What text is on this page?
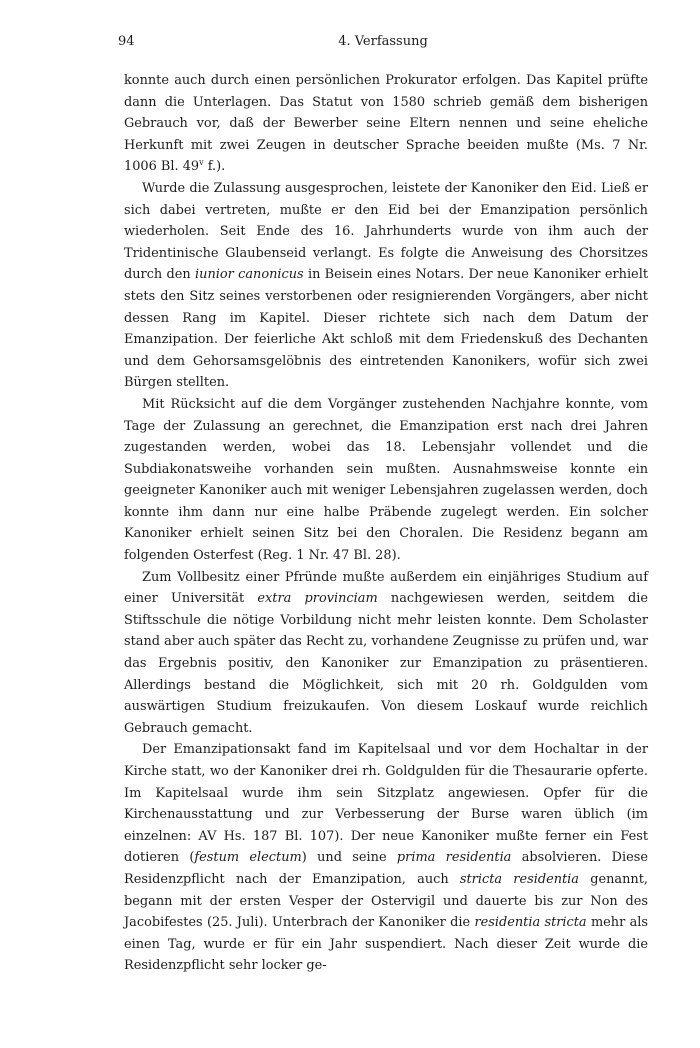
94	4. Verfassung

konnte auch durch einen persönlichen Prokurator erfolgen. Das Kapitel prüfte dann die Unterlagen. Das Statut von 1580 schrieb gemäß dem bisherigen Gebrauch vor, daß der Bewerber seine Eltern nennen und seine eheliche Herkunft mit zwei Zeugen in deutscher Sprache beeiden mußte (Ms. 7 Nr. 1006 Bl. 49$^v$ f.).

Wurde die Zulassung ausgesprochen, leistete der Kanoniker den Eid. Ließ er sich dabei vertreten, mußte er den Eid bei der Emanzipation persönlich wiederholen. Seit Ende des 16. Jahrhunderts wurde von ihm auch der Tridentinische Glaubenseid verlangt. Es folgte die Anweisung des Chorsitzes durch den iunior canonicus in Beisein eines Notars. Der neue Kanoniker erhielt stets den Sitz seines verstorbenen oder resignierenden Vorgängers, aber nicht dessen Rang im Kapitel. Dieser richtete sich nach dem Datum der Emanzipation. Der feierliche Akt schloß mit dem Friedenskuß des Dechanten und dem Gehorsamsgelöbnis des eintretenden Kanonikers, wofür sich zwei Bürgen stellten.

Mit Rücksicht auf die dem Vorgänger zustehenden Nachjahre konnte, vom Tage der Zulassung an gerechnet, die Emanzipation erst nach drei Jahren zugestanden werden, wobei das 18. Lebensjahr vollendet und die Subdiakonatsweihe vorhanden sein mußten. Ausnahmsweise konnte ein geeigneter Kanoniker auch mit weniger Lebensjahren zugelassen werden, doch konnte ihm dann nur eine halbe Präbende zugelegt werden. Ein solcher Kanoniker erhielt seinen Sitz bei den Choralen. Die Residenz begann am folgenden Osterfest (Reg. 1 Nr. 47 Bl. 28).

Zum Vollbesitz einer Pfründe mußte außerdem ein einjähriges Studium auf einer Universität extra provinciam nachgewiesen werden, seitdem die Stiftsschule die nötige Vorbildung nicht mehr leisten konnte. Dem Scholaster stand aber auch später das Recht zu, vorhandene Zeugnisse zu prüfen und, war das Ergebnis positiv, den Kanoniker zur Emanzipation zu präsentieren. Allerdings bestand die Möglichkeit, sich mit 20 rh. Goldgulden vom auswärtigen Studium freizukaufen. Von diesem Loskauf wurde reichlich Gebrauch gemacht.

Der Emanzipationsakt fand im Kapitelsaal und vor dem Hochaltar in der Kirche statt, wo der Kanoniker drei rh. Goldgulden für die Thesaurarie opferte. Im Kapitelsaal wurde ihm sein Sitzplatz angewiesen. Opfer für die Kirchenausstattung und zur Verbesserung der Burse waren üblich (im einzelnen: AV Hs. 187 Bl. 107). Der neue Kanoniker mußte ferner ein Fest dotieren (festum electum) und seine prima residentia absolvieren. Diese Residenzpflicht nach der Emanzipation, auch stricta residentia genannt, begann mit der ersten Vesper der Ostervigil und dauerte bis zur Non des Jacobifestes (25. Juli). Unterbrach der Kanoniker die residentia stricta mehr als einen Tag, wurde er für ein Jahr suspendiert. Nach dieser Zeit wurde die Residenzpflicht sehr locker ge-
